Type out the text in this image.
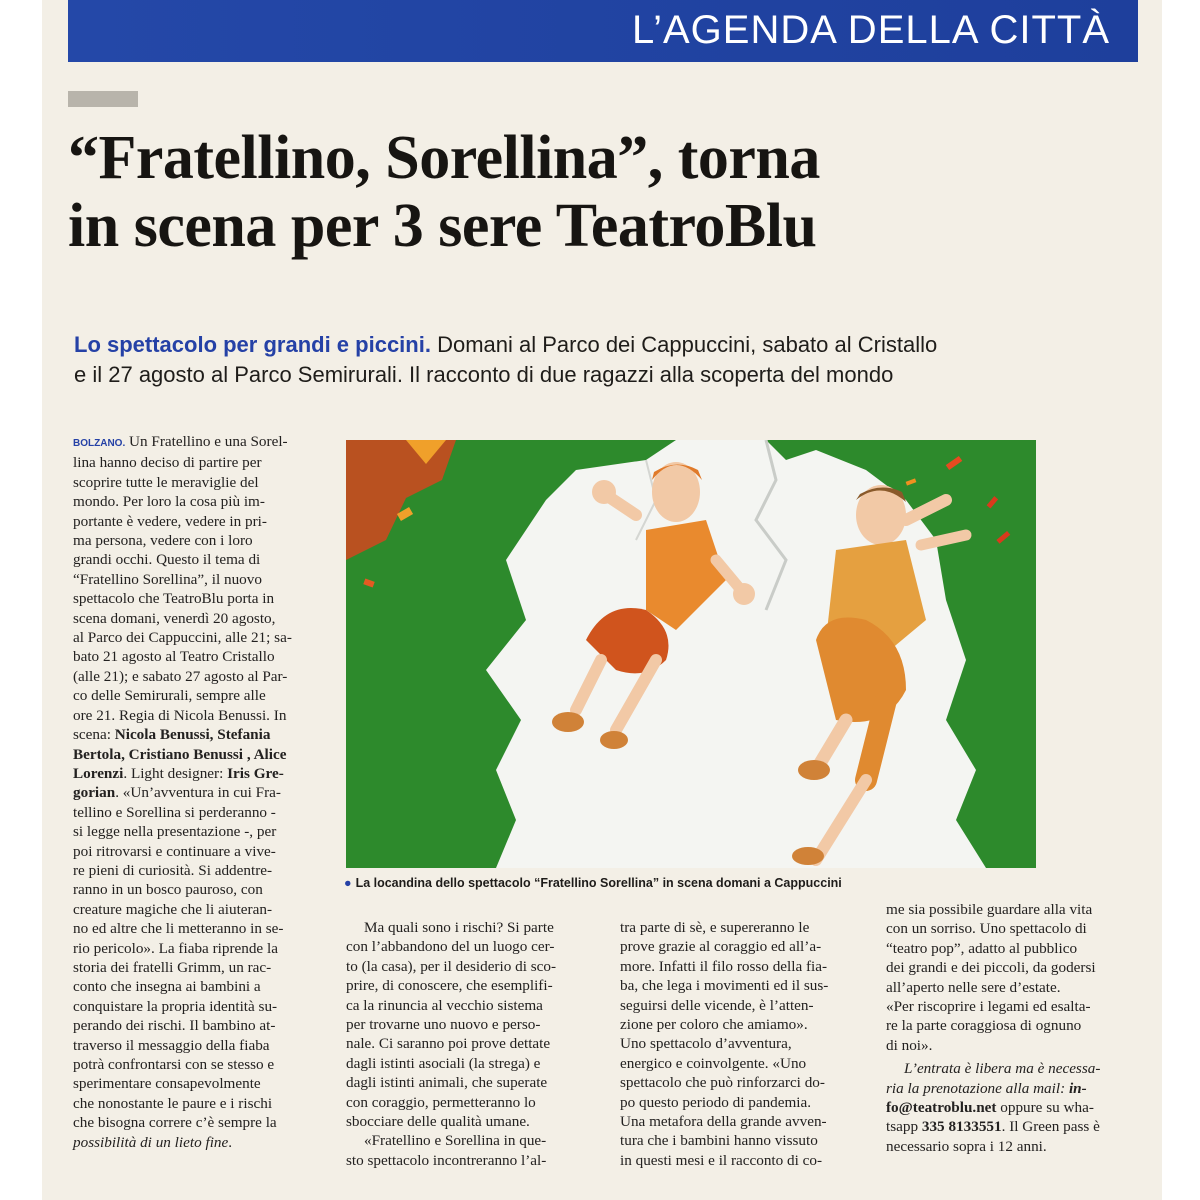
L’AGENDA DELLA CITTÀ
“Fratellino, Sorellina”, torna
in scena per 3 sere TeatroBlu
Lo spettacolo per grandi e piccini. Domani al Parco dei Cappuccini, sabato al Cristallo
e il 27 agosto al Parco Semirurali. Il racconto di due ragazzi alla scoperta del mondo
BOLZANO. Un Fratellino e una Sorel-
lina hanno deciso di partire per
scoprire tutte le meraviglie del
mondo. Per loro la cosa più im-
portante è vedere, vedere in pri-
ma persona, vedere con i loro
grandi occhi. Questo il tema di
“Fratellino Sorellina”, il nuovo
spettacolo che TeatroBlu porta in
scena domani, venerdì 20 agosto,
al Parco dei Cappuccini, alle 21; sa-
bato 21 agosto al Teatro Cristallo
(alle 21); e sabato 27 agosto al Par-
co delle Semirurali, sempre alle
ore 21. Regia di Nicola Benussi. In
scena: Nicola Benussi, Stefania
Bertola, Cristiano Benussi , Alice
Lorenzi. Light designer: Iris Gre-
gorian. «Un’avventura in cui Fra-
tellino e Sorellina si perderanno -
si legge nella presentazione -, per
poi ritrovarsi e continuare a vive-
re pieni di curiosità. Si addentre-
ranno in un bosco pauroso, con
creature magiche che li aiuteran-
no ed altre che li metteranno in se-
rio pericolo». La fiaba riprende la
storia dei fratelli Grimm, un rac-
conto che insegna ai bambini a
conquistare la propria identità su-
perando dei rischi. Il bambino at-
traverso il messaggio della fiaba
potrà confrontarsi con se stesso e
sperimentare consapevolmente
che nonostante le paure e i rischi
che bisogna correre c’è sempre la
possibilità di un lieto fine.
● La locandina dello spettacolo “Fratellino Sorellina” in scena domani a Cappuccini
Ma quali sono i rischi? Si parte
con l’abbandono del un luogo cer-
to (la casa), per il desiderio di sco-
prire, di conoscere, che esemplifi-
ca la rinuncia al vecchio sistema
per trovarne uno nuovo e perso-
nale. Ci saranno poi prove dettate
dagli istinti asociali (la strega) e
dagli istinti animali, che superate
con coraggio, permetteranno lo
sbocciare delle qualità umane.
«Fratellino e Sorellina in que-
sto spettacolo incontreranno l’al-
tra parte di sè, e supereranno le
prove grazie al coraggio ed all’a-
more. Infatti il filo rosso della fia-
ba, che lega i movimenti ed il sus-
seguirsi delle vicende, è l’atten-
zione per coloro che amiamo».
Uno spettacolo d’avventura,
energico e coinvolgente. «Uno
spettacolo che può rinforzarci do-
po questo periodo di pandemia.
Una metafora della grande avven-
tura che i bambini hanno vissuto
in questi mesi e il racconto di co-
me sia possibile guardare alla vita
con un sorriso. Uno spettacolo di
“teatro pop”, adatto al pubblico
dei grandi e dei piccoli, da godersi
all’aperto nelle sere d’estate.
«Per riscoprire i legami ed esalta-
re la parte coraggiosa di ognuno
di noi».
L’entrata è libera ma è necessa-
ria la prenotazione alla mail: in-
fo@teatroblu.net oppure su wha-
tsapp 335 8133551. Il Green pass è
necessario sopra i 12 anni.
